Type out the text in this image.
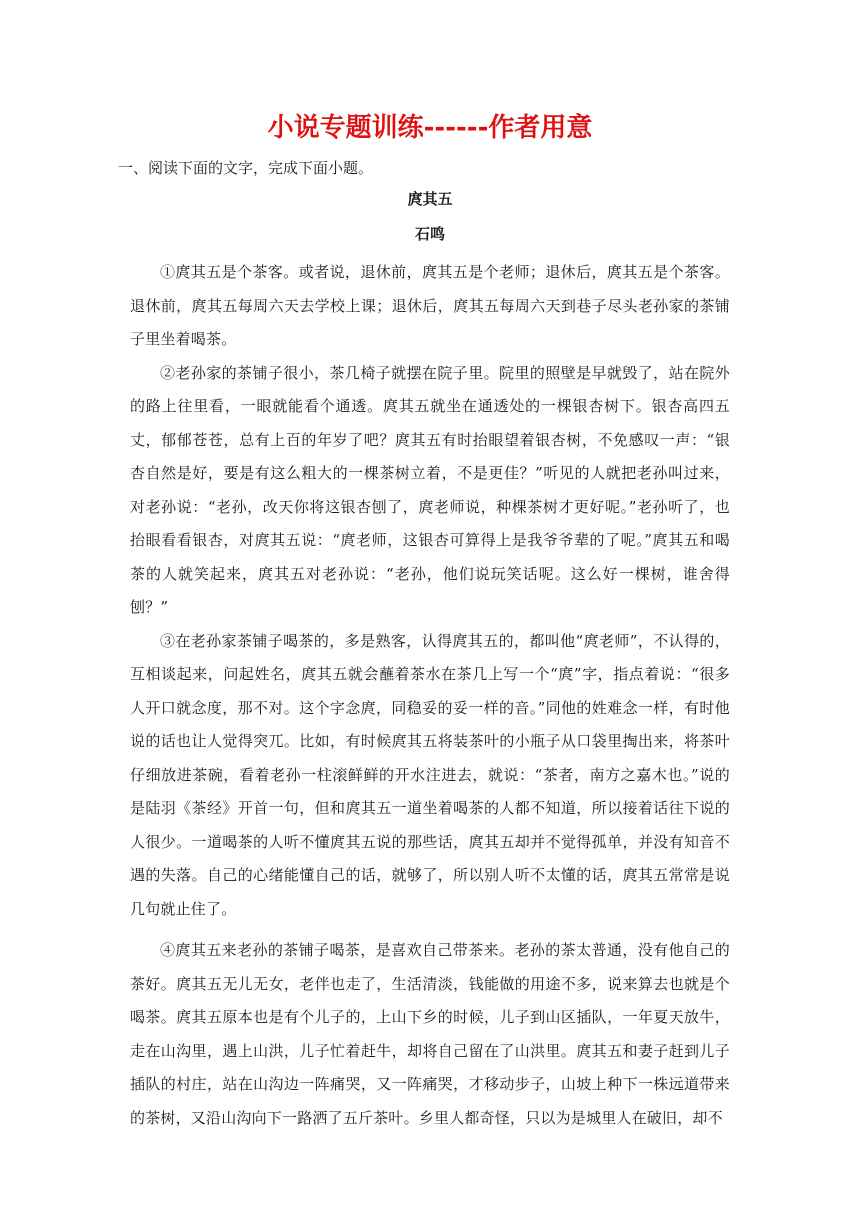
小说专题训练------作者用意

一、阅读下面的文字，完成下面小题。

庹其五

石鸣

①庹其五是个茶客。或者说，退休前，庹其五是个老师；退休后，庹其五是个茶客。退休前，庹其五每周六天去学校上课；退休后，庹其五每周六天到巷子尽头老孙家的茶铺子里坐着喝茶。

②老孙家的茶铺子很小，茶几椅子就摆在院子里。院里的照壁是早就毁了，站在院外的路上往里看，一眼就能看个通透。庹其五就坐在通透处的一棵银杏树下。银杏高四五丈，郁郁苍苍，总有上百的年岁了吧？庹其五有时抬眼望着银杏树，不免感叹一声：“银杏自然是好，要是有这么粗大的一棵茶树立着，不是更佳？”听见的人就把老孙叫过来，对老孙说：“老孙，改天你将这银杏刨了，庹老师说，种棵茶树才更好呢。”老孙听了，也抬眼看看银杏，对庹其五说：“庹老师，这银杏可算得上是我爷爷辈的了呢。”庹其五和喝茶的人就笑起来，庹其五对老孙说：“老孙，他们说玩笑话呢。这么好一棵树，谁舍得刨？”

③在老孙家茶铺子喝茶的，多是熟客，认得庹其五的，都叫他“庹老师”，不认得的，互相谈起来，问起姓名，庹其五就会蘸着茶水在茶几上写一个“庹”字，指点着说：“很多人开口就念度，那不对。这个字念庹，同稳妥的妥一样的音。”同他的姓难念一样，有时他说的话也让人觉得突兀。比如，有时候庹其五将装茶叶的小瓶子从口袋里掏出来，将茶叶仔细放进茶碗，看着老孙一柱滚鲜鲜的开水注进去，就说：“茶者，南方之嘉木也。”说的是陆羽《茶经》开首一句，但和庹其五一道坐着喝茶的人都不知道，所以接着话往下说的人很少。一道喝茶的人听不懂庹其五说的那些话，庹其五却并不觉得孤单，并没有知音不遇的失落。自己的心绪能懂自己的话，就够了，所以别人听不太懂的话，庹其五常常是说几句就止住了。

④庹其五来老孙的茶铺子喝茶，是喜欢自己带茶来。老孙的茶太普通，没有他自己的茶好。庹其五无儿无女，老伴也走了，生活清淡，钱能做的用途不多，说来算去也就是个喝茶。庹其五原本也是有个儿子的，上山下乡的时候，儿子到山区插队，一年夏天放牛，走在山沟里，遇上山洪，儿子忙着赶牛，却将自己留在了山洪里。庹其五和妻子赶到儿子插队的村庄，站在山沟边一阵痛哭，又一阵痛哭，才移动步子，山坡上种下一株远道带来的茶树，又沿山沟向下一路洒了五斤茶叶。乡里人都奇怪，只以为是城里人在破旧，却不
